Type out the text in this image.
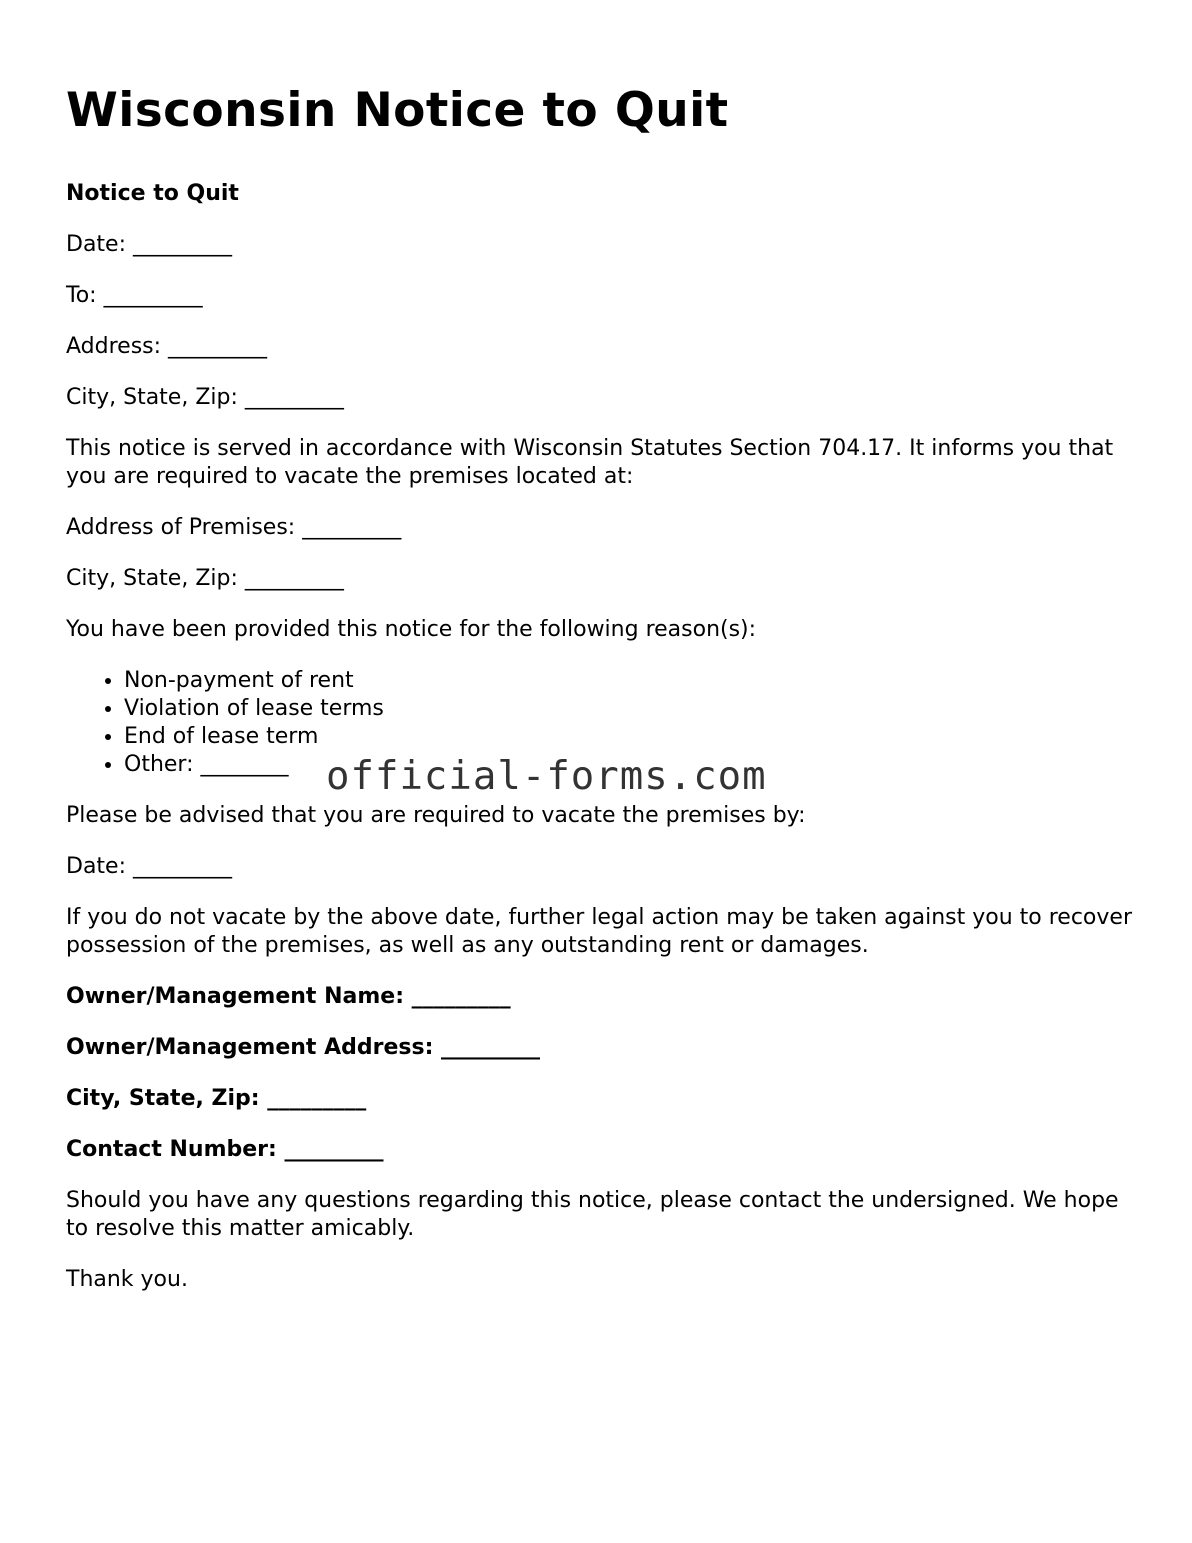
Wisconsin Notice to Quit

Notice to Quit

Date: _________

To: _________

Address: _________

City, State, Zip: _________

This notice is served in accordance with Wisconsin Statutes Section 704.17. It informs you that you are required to vacate the premises located at:

Address of Premises: _________

City, State, Zip: _________

You have been provided this notice for the following reason(s):

• Non-payment of rent
• Violation of lease terms
• End of lease term
• Other: ________

Please be advised that you are required to vacate the premises by:

Date: _________

If you do not vacate by the above date, further legal action may be taken against you to recover possession of the premises, as well as any outstanding rent or damages.

Owner/Management Name: _________

Owner/Management Address: _________

City, State, Zip: _________

Contact Number: _________

Should you have any questions regarding this notice, please contact the undersigned. We hope to resolve this matter amicably.

Thank you.

official-forms.com
